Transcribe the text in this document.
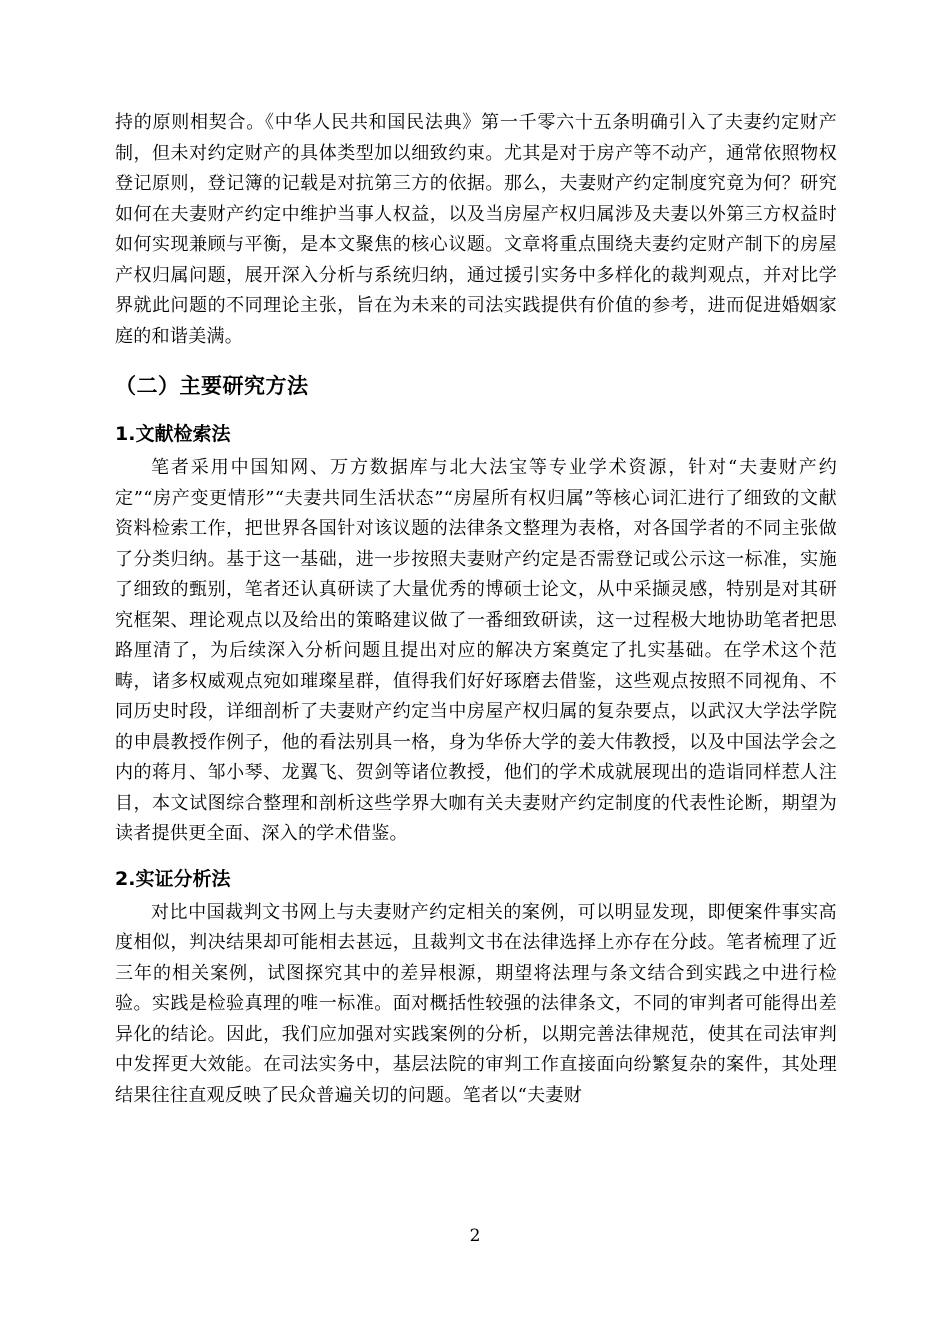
持的原则相契合。《中华人民共和国民法典》第一千零六十五条明确引入了夫妻约定财产制，但未对约定财产的具体类型加以细致约束。尤其是对于房产等不动产，通常依照物权登记原则，登记簿的记载是对抗第三方的依据。那么，夫妻财产约定制度究竟为何？研究如何在夫妻财产约定中维护当事人权益，以及当房屋产权归属涉及夫妻以外第三方权益时如何实现兼顾与平衡，是本文聚焦的核心议题。文章将重点围绕夫妻约定财产制下的房屋产权归属问题，展开深入分析与系统归纳，通过援引实务中多样化的裁判观点，并对比学界就此问题的不同理论主张，旨在为未来的司法实践提供有价值的参考，进而促进婚姻家庭的和谐美满。

（二）主要研究方法
1.文献检索法

笔者采用中国知网、万方数据库与北大法宝等专业学术资源，针对“夫妻财产约定”“房产变更情形”“夫妻共同生活状态”“房屋所有权归属”等核心词汇进行了细致的文献资料检索工作，把世界各国针对该议题的法律条文整理为表格，对各国学者的不同主张做了分类归纳。基于这一基础，进一步按照夫妻财产约定是否需登记或公示这一标准，实施了细致的甄别，笔者还认真研读了大量优秀的博硕士论文，从中采撷灵感，特别是对其研究框架、理论观点以及给出的策略建议做了一番细致研读，这一过程极大地协助笔者把思路厘清了，为后续深入分析问题且提出对应的解决方案奠定了扎实基础。在学术这个范畴，诸多权威观点宛如璀璨星群，值得我们好好琢磨去借鉴，这些观点按照不同视角、不同历史时段，详细剖析了夫妻财产约定当中房屋产权归属的复杂要点，以武汉大学法学院的申晨教授作例子，他的看法别具一格，身为华侨大学的姜大伟教授，以及中国法学会之内的蒋月、邹小琴、龙翼飞、贺剑等诸位教授，他们的学术成就展现出的造诣同样惹人注目，本文试图综合整理和剖析这些学界大咖有关夫妻财产约定制度的代表性论断，期望为读者提供更全面、深入的学术借鉴。

2.实证分析法

对比中国裁判文书网上与夫妻财产约定相关的案例，可以明显发现，即便案件事实高度相似，判决结果却可能相去甚远，且裁判文书在法律选择上亦存在分歧。笔者梳理了近三年的相关案例，试图探究其中的差异根源，期望将法理与条文结合到实践之中进行检验。实践是检验真理的唯一标准。面对概括性较强的法律条文，不同的审判者可能得出差异化的结论。因此，我们应加强对实践案例的分析，以期完善法律规范，使其在司法审判中发挥更大效能。在司法实务中，基层法院的审判工作直接面向纷繁复杂的案件，其处理结果往往直观反映了民众普遍关切的问题。笔者以“夫妻财

2
